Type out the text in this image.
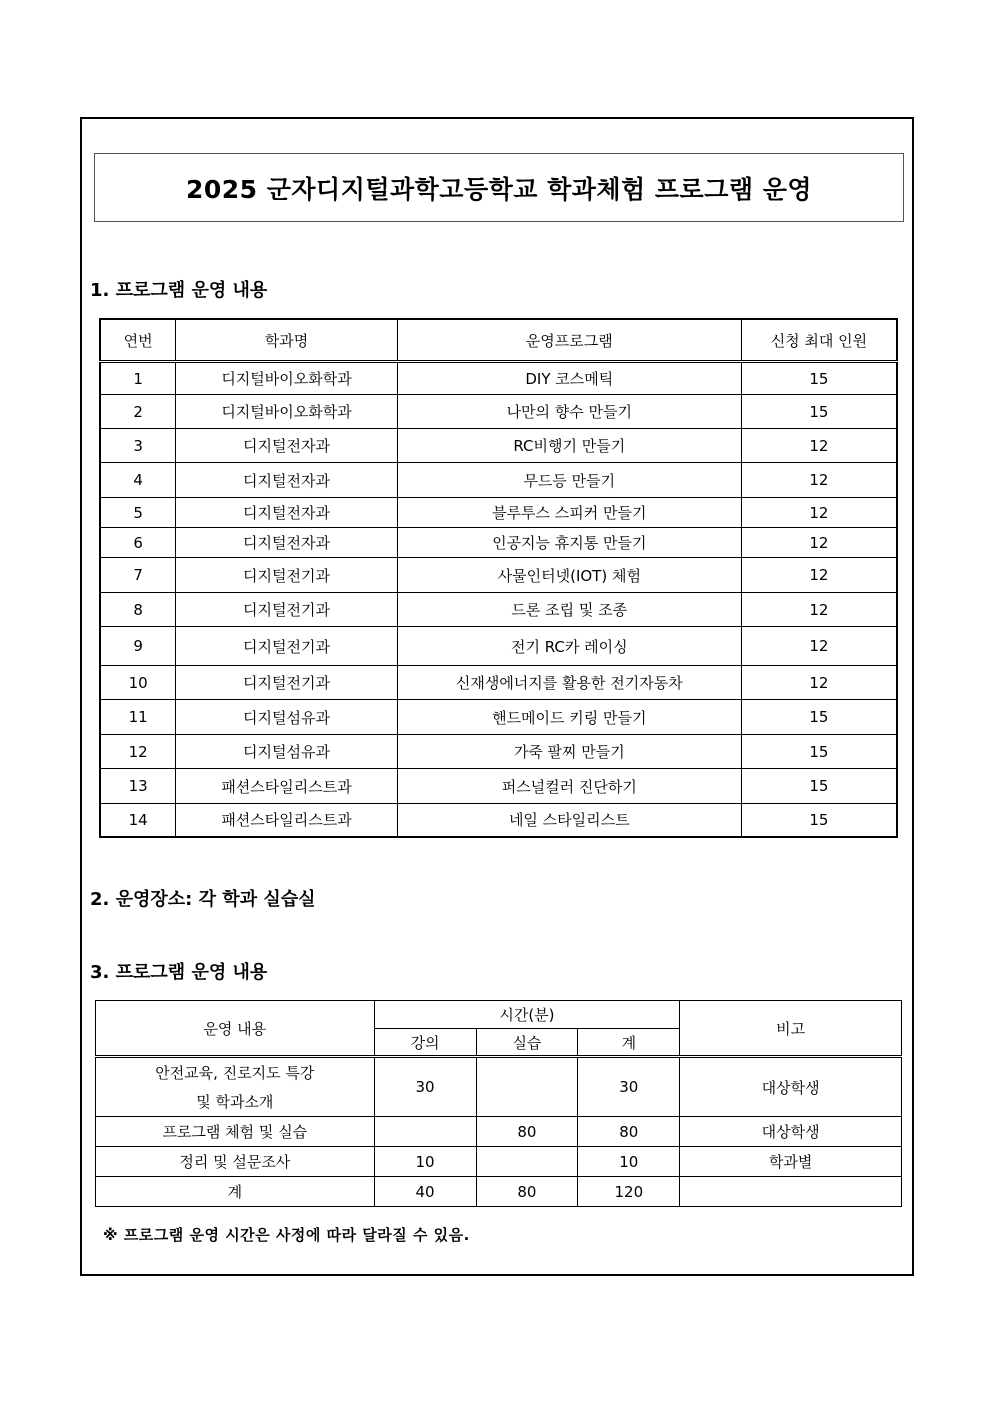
2025 군자디지털과학고등학교 학과체험 프로그램 운영
1. 프로그램 운영 내용
연번	학과명	운영프로그램	신청 최대 인원
1	디지털바이오화학과	DIY 코스메틱	15
2	디지털바이오화학과	나만의 향수 만들기	15
3	디지털전자과	RC비행기 만들기	12
4	디지털전자과	무드등 만들기	12
5	디지털전자과	블루투스 스피커 만들기	12
6	디지털전자과	인공지능 휴지통 만들기	12
7	디지털전기과	사물인터넷(IOT) 체험	12
8	디지털전기과	드론 조립 및 조종	12
9	디지털전기과	전기 RC카 레이싱	12
10	디지털전기과	신재생에너지를 활용한 전기자동차	12
11	디지털섬유과	핸드메이드 키링 만들기	15
12	디지털섬유과	가죽 팔찌 만들기	15
13	패션스타일리스트과	퍼스널컬러 진단하기	15
14	패션스타일리스트과	네일 스타일리스트	15
2. 운영장소: 각 학과 실습실
3. 프로그램 운영 내용
운영 내용	시간(분)			비고
	강의	실습	계	

안전교육, 진로지도 특강
및 학과소개	30		30	대상학생
프로그램 체험 및 실습		80	80	대상학생
정리 및 설문조사	10		10	학과별
계	40	80	120	
※ 프로그램 운영 시간은 사정에 따라 달라질 수 있음.
